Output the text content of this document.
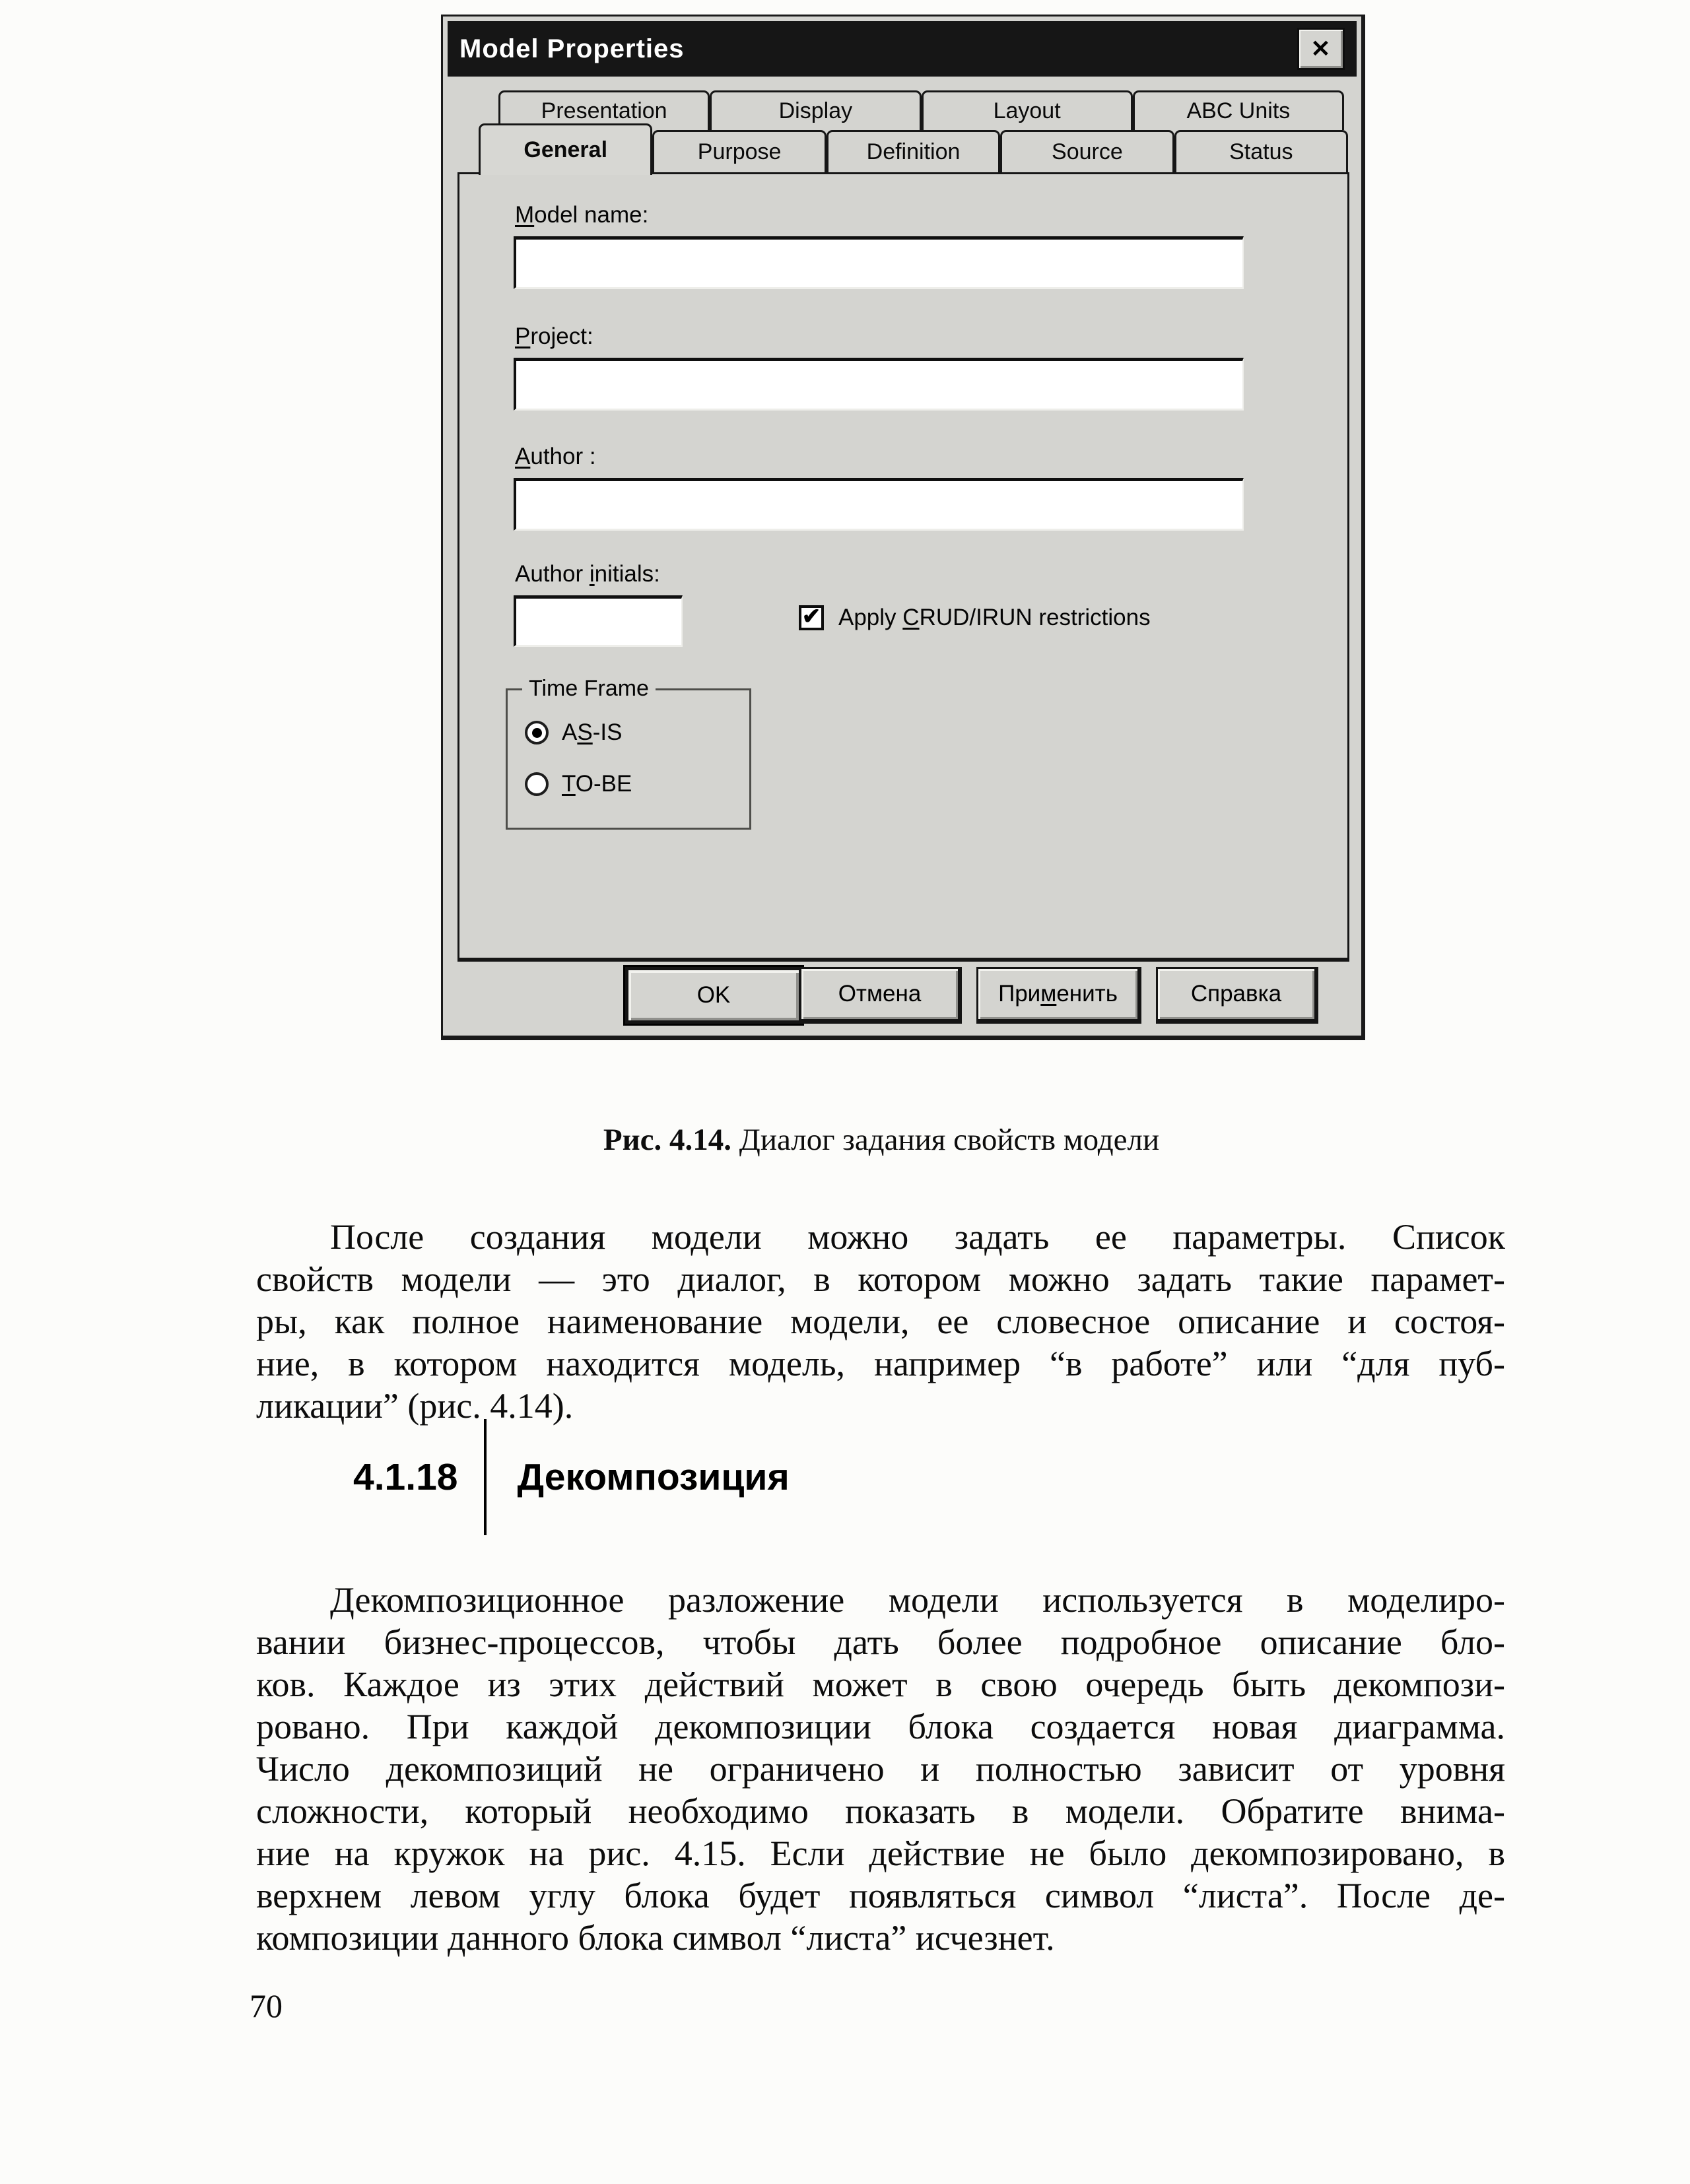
Model Properties	✕
Presentation	Display	Layout	ABC Units
General	Purpose	Definition	Source	Status
Model name:
Project:
Author :
Author initials:
✔ Apply CRUD/IRUN restrictions
Time Frame
AS-IS
TO-BE
OK	Отмена	При м енить	Справка
Рис. 4.14. Диалог задания свойств модели
После создания модели можно задать ее параметры. Список
свойств модели — это диалог, в котором можно задать такие парамет-
ры, как полное наименование модели, ее словесное описание и состоя-
ние, в котором находится модель, например “в работе” или “для пуб-
ликации” (рис. 4.14).
4.1.18 Декомпозиция
Декомпозиционное разложение модели используется в моделиро-
вании бизнес-процессов, чтобы дать более подробное описание бло-
ков. Каждое из этих действий может в свою очередь быть декомпози-
ровано. При каждой декомпозиции блока создается новая диаграмма.
Число декомпозиций не ограничено и полностью зависит от уровня
сложности, который необходимо показать в модели. Обратите внима-
ние на кружок на рис. 4.15. Если действие не было декомпозировано, в
верхнем левом углу блока будет появляться символ “листа”. После де-
композиции данного блока символ “листа” исчезнет.
70
